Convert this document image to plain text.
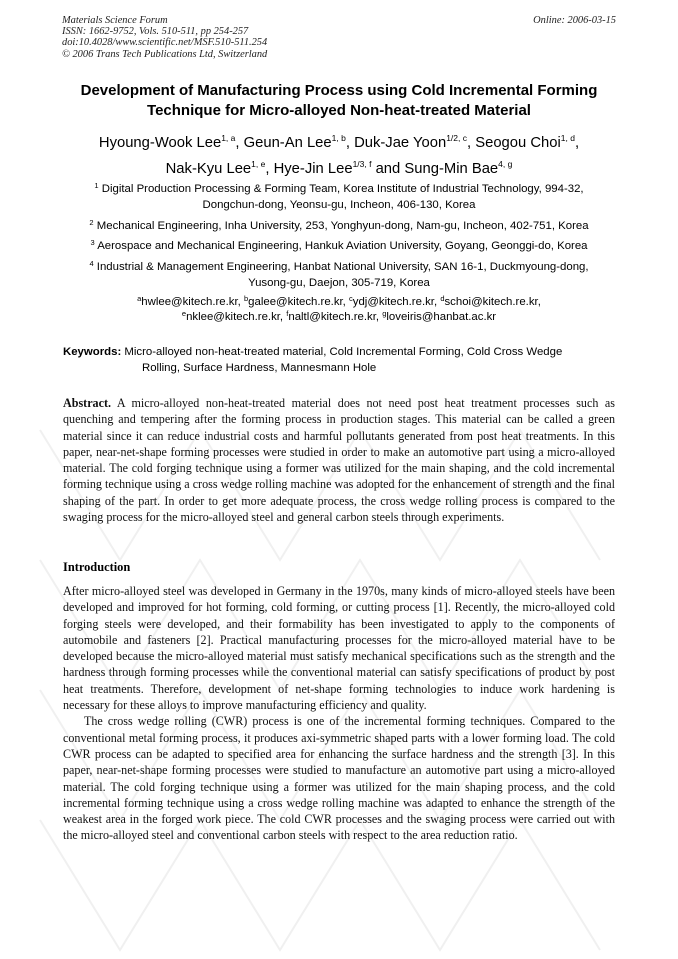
Materials Science Forum
ISSN: 1662-9752, Vols. 510-511, pp 254-257
doi:10.4028/www.scientific.net/MSF.510-511.254
© 2006 Trans Tech Publications Ltd, Switzerland
Online: 2006-03-15
Development of Manufacturing Process using Cold Incremental Forming
Technique for Micro-alloyed Non-heat-treated Material
Hyoung-Wook Lee$^{1, a}$, Geun-An Lee$^{1, b}$, Duk-Jae Yoon$^{1/2, c}$, Seogou Choi$^{1, d}$,
Nak-Kyu Lee$^{1, e}$, Hye-Jin Lee$^{1/3, f}$ and Sung-Min Bae$^{4, g}$
$^1$ Digital Production Processing & Forming Team, Korea Institute of Industrial Technology, 994-32,
Dongchun-dong, Yeonsu-gu, Incheon, 406-130, Korea
$^2$ Mechanical Engineering, Inha University, 253, Yonghyun-dong, Nam-gu, Incheon, 402-751, Korea
$^3$ Aerospace and Mechanical Engineering, Hankuk Aviation University, Goyang, Geonggi-do, Korea
$^4$ Industrial & Management Engineering, Hanbat National University, SAN 16-1, Duckmyoung-dong,
Yusong-gu, Daejon, 305-719, Korea
$^a$hwlee@kitech.re.kr, $^b$galee@kitech.re.kr, $^c$ydj@kitech.re.kr, $^d$schoi@kitech.re.kr,
$^e$nklee@kitech.re.kr, $^f$naltl@kitech.re.kr, $^g$loveiris@hanbat.ac.kr
Keywords: Micro-alloyed non-heat-treated material, Cold Incremental Forming, Cold Cross Wedge
Rolling, Surface Hardness, Mannesmann Hole
Abstract. A micro-alloyed non-heat-treated material does not need post heat treatment processes such as quenching and tempering after the forming process in production stages. This material can be called a green material since it can reduce industrial costs and harmful pollutants generated from post heat treatments. In this paper, near-net-shape forming processes were studied in order to make an automotive part using a micro-alloyed material. The cold forging technique using a former was utilized for the main shaping, and the cold incremental forming technique using a cross wedge rolling machine was adopted for the enhancement of strength and the final shaping of the part. In order to get more adequate process, the cross wedge rolling process is compared to the swaging process for the micro-alloyed steel and general carbon steels through experiments.
Introduction

After micro-alloyed steel was developed in Germany in the 1970s, many kinds of micro-alloyed steels have been developed and improved for hot forming, cold forming, or cutting process [1]. Recently, the micro-alloyed cold forging steels were developed, and their formability has been investigated to apply to the components of automobile and fasteners [2]. Practical manufacturing processes for the micro-alloyed material have to be developed because the micro-alloyed material must satisfy mechanical specifications such as the strength and the hardness through forming processes while the conventional material can satisfy specifications of product by post heat treatments. Therefore, development of net-shape forming technologies to induce work hardening is necessary for these alloys to improve manufacturing efficiency and quality.

The cross wedge rolling (CWR) process is one of the incremental forming techniques. Compared to the conventional metal forming process, it produces axi-symmetric shaped parts with a lower forming load. The cold CWR process can be adapted to specified area for enhancing the surface hardness and the strength [3]. In this paper, near-net-shape forming processes were studied to manufacture an automotive part using a micro-alloyed material. The cold forging technique using a former was utilized for the main shaping process, and the cold incremental forming technique using a cross wedge rolling machine was adapted to enhance the strength of the weakest area in the forged work piece. The cold CWR processes and the swaging process were carried out with the micro-alloyed steel and conventional carbon steels with respect to the area reduction ratio.
